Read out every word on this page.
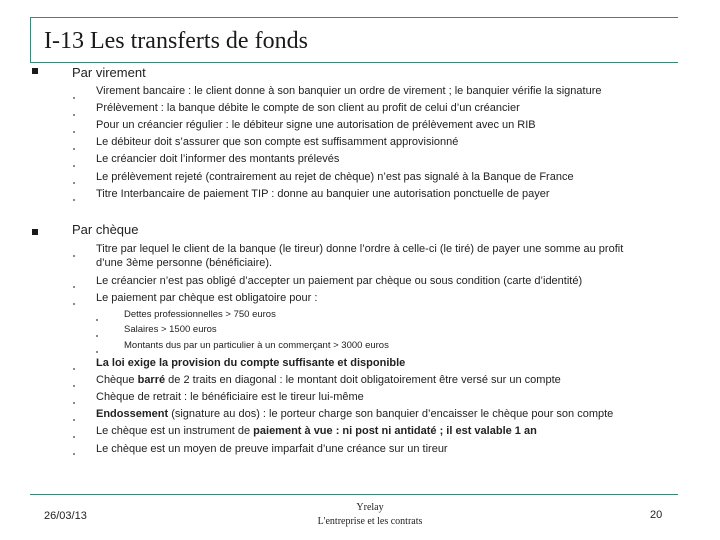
I-13 Les transferts de fonds
Par virement
Virement bancaire : le client donne à son banquier un ordre de virement ; le banquier vérifie la signature
Prélèvement : la banque débite le compte de son client au profit de celui d’un créancier
Pour un créancier régulier : le débiteur signe une autorisation de prélèvement avec un RIB
Le débiteur doit s’assurer que son compte est suffisamment approvisionné
Le créancier doit l’informer des montants prélevés
Le prélèvement rejeté (contrairement au rejet de chèque) n’est pas signalé à la Banque de France
Titre Interbancaire de paiement TIP : donne au banquier une autorisation ponctuelle de payer
Par chèque
Titre par lequel le client de la banque (le tireur) donne l’ordre à celle-ci (le tiré) de payer une somme au profit
d’une 3ème personne (bénéficiaire).
Le créancier n’est pas obligé d’accepter un paiement par chèque ou sous condition (carte d’identité)
Le paiement par chèque est obligatoire pour :
Dettes professionnelles > 750 euros
Salaires > 1500 euros
Montants dus par un particulier à un commerçant > 3000 euros
La loi exige la provision du compte suffisante et disponible
Chèque barré de 2 traits en diagonal : le montant doit obligatoirement être versé sur un compte
Chèque de retrait : le bénéficiaire est le tireur lui-même
Endossement (signature au dos) : le porteur charge son banquier d’encaisser le chèque pour son compte
Le chèque est un instrument de paiement à vue : ni post ni antidaté ; il est valable 1 an
Le chèque est un moyen de preuve imparfait d’une créance sur un tireur
26/03/13
Yrelay
L'entreprise et les contrats
20
